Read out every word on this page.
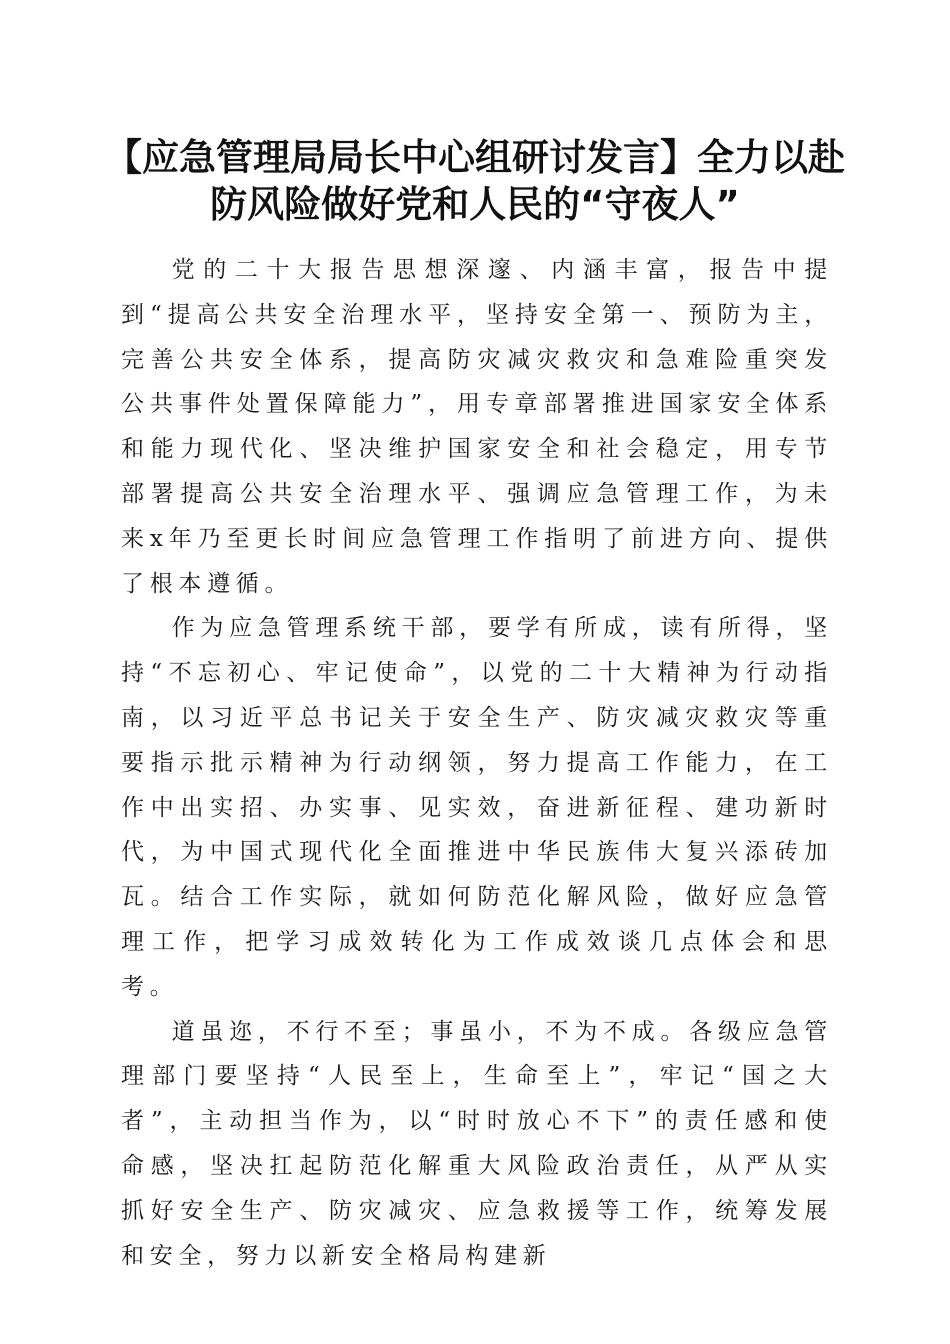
【应急管理局局长中心组研讨发言】全力以赴
防风险做好党和人民的“守夜人”

党的二十大报告思想深邃、内涵丰富，报告中提到“提高公共安全治理水平，坚持安全第一、预防为主，完善公共安全体系，提高防灾减灾救灾和急难险重突发公共事件处置保障能力”，用专章部署推进国家安全体系和能力现代化、坚决维护国家安全和社会稳定，用专节部署提高公共安全治理水平、强调应急管理工作，为未来x年乃至更长时间应急管理工作指明了前进方向、提供了根本遵循。

作为应急管理系统干部，要学有所成，读有所得，坚持“不忘初心、牢记使命”，以党的二十大精神为行动指南，以习近平总书记关于安全生产、防灾减灾救灾等重要指示批示精神为行动纲领，努力提高工作能力，在工作中出实招、办实事、见实效，奋进新征程、建功新时代，为中国式现代化全面推进中华民族伟大复兴添砖加瓦。结合工作实际，就如何防范化解风险，做好应急管理工作，把学习成效转化为工作成效谈几点体会和思考。

道虽迩，不行不至；事虽小，不为不成。各级应急管理部门要坚持“人民至上，生命至上”，牢记“国之大者”，主动担当作为，以“时时放心不下”的责任感和使命感，坚决扛起防范化解重大风险政治责任，从严从实抓好安全生产、防灾减灾、应急救援等工作，统筹发展和安全，努力以新安全格局构建新
